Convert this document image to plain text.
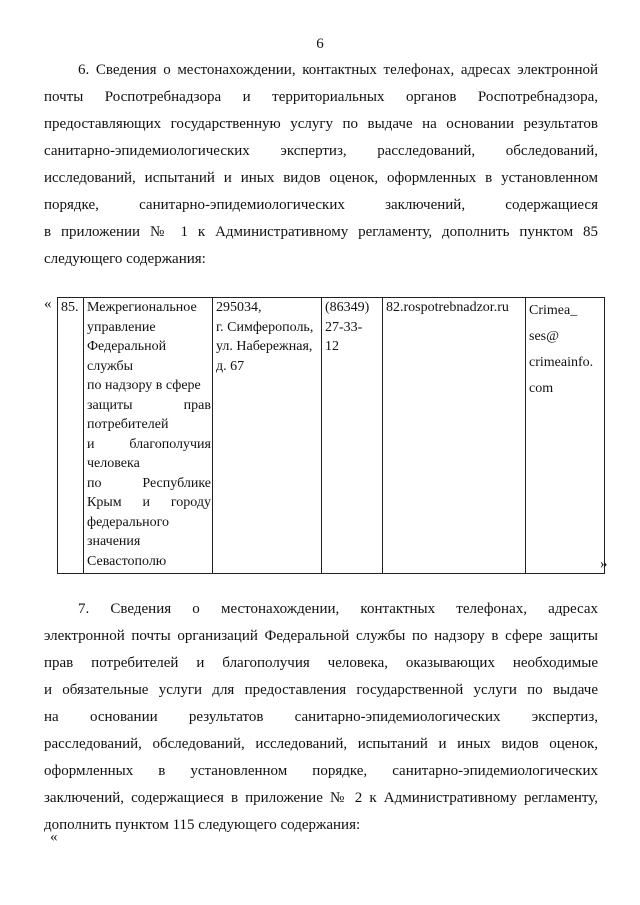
6
6. Сведения о местонахождении, контактных телефонах, адресах электронной
почты Роспотребнадзора и территориальных органов Роспотребнадзора,
предоставляющих государственную услугу по выдаче на основании результатов
санитарно-эпидемиологических экспертиз, расследований, обследований,
исследований, испытаний и иных видов оценок, оформленных в установленном
порядке, санитарно-эпидемиологических заключений, содержащиеся
в приложении № 1 к Административному регламенту, дополнить пунктом 85
следующего содержания:
« 85.	Межрегиональное
управление
Федеральной
службы
по надзору в сфере
защиты прав
потребителей
и благополучия
человека
по Республике
Крым и городу
федерального
значения
Севастополю

295034,
г. Симферополь,
ул. Набережная,
д. 67

(86349)
27-33-
12

82.rospotrebnadzor.ru	Crimea_
ses@
crimeainfo.
com
»
7. Сведения о местонахождении, контактных телефонах, адресах
электронной почты организаций Федеральной службы по надзору в сфере защиты
прав потребителей и благополучия человека, оказывающих необходимые
и обязательные услуги для предоставления государственной услуги по выдаче
на основании результатов санитарно-эпидемиологических экспертиз,
расследований, обследований, исследований, испытаний и иных видов оценок,
оформленных в установленном порядке, санитарно-эпидемиологических
заключений, содержащиеся в приложение № 2 к Административному регламенту,
дополнить пунктом 115 следующего содержания:
«
